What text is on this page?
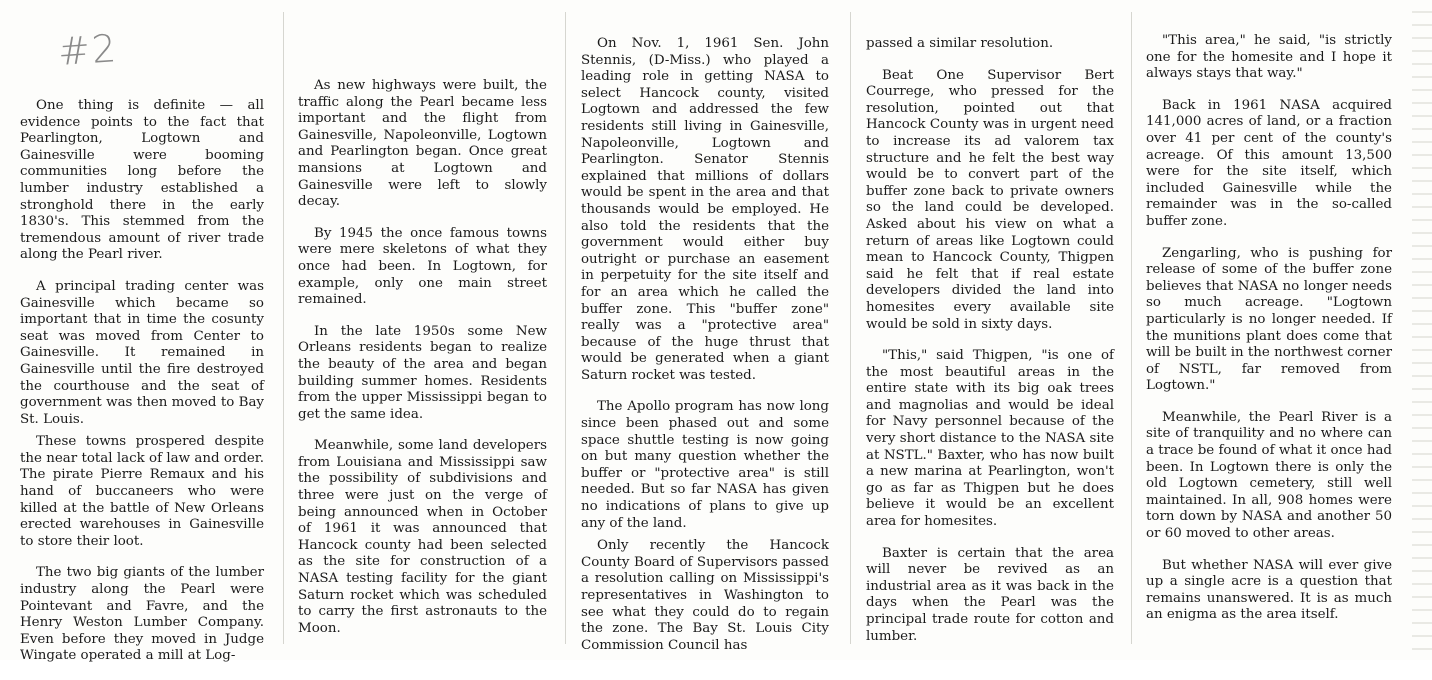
#2

One thing is definite — all evidence points to the fact that Pearlington, Logtown and Gainesville were booming communities long before the lumber industry established a stronghold there in the early 1830's. This stemmed from the tremendous amount of river trade along the Pearl river.

A principal trading center was Gainesville which became so important that in time the cosunty seat was moved from Center to Gainesville. It remained in Gainesville until the fire destroyed the courthouse and the seat of government was then moved to Bay St. Louis.

These towns prospered despite the near total lack of law and order. The pirate Pierre Remaux and his hand of buccaneers who were killed at the battle of New Orleans erected warehouses in Gainesville to store their loot.

The two big giants of the lumber industry along the Pearl were Pointevant and Favre, and the Henry Weston Lumber Company. Even before they moved in Judge Wingate operated a mill at Log-

As new highways were built, the traffic along the Pearl became less important and the flight from Gainesville, Napoleonville, Logtown and Pearlington began. Once great mansions at Logtown and Gainesville were left to slowly decay.

By 1945 the once famous towns were mere skeletons of what they once had been. In Logtown, for example, only one main street remained.

In the late 1950s some New Orleans residents began to realize the beauty of the area and began building summer homes. Residents from the upper Mississippi began to get the same idea.

Meanwhile, some land developers from Louisiana and Mississippi saw the possibility of subdivisions and three were just on the verge of being announced when in October of 1961 it was announced that Hancock county had been selected as the site for construction of a NASA testing facility for the giant Saturn rocket which was scheduled to carry the first astronauts to the Moon.

On Nov. 1, 1961 Sen. John Stennis, (D-Miss.) who played a leading role in getting NASA to select Hancock county, visited Logtown and addressed the few residents still living in Gainesville, Napoleonville, Logtown and Pearlington. Senator Stennis explained that millions of dollars would be spent in the area and that thousands would be employed. He also told the residents that the government would either buy outright or purchase an easement in perpetuity for the site itself and for an area which he called the buffer zone. This "buffer zone" really was a "protective area" because of the huge thrust that would be generated when a giant Saturn rocket was tested.

The Apollo program has now long since been phased out and some space shuttle testing is now going on but many question whether the buffer or "protective area" is still needed. But so far NASA has given no indications of plans to give up any of the land.

Only recently the Hancock County Board of Supervisors passed a resolution calling on Mississippi's representatives in Washington to see what they could do to regain the zone. The Bay St. Louis City Commission Council has

passed a similar resolution.

Beat One Supervisor Bert Courrege, who pressed for the resolution, pointed out that Hancock County was in urgent need to increase its ad valorem tax structure and he felt the best way would be to convert part of the buffer zone back to private owners so the land could be developed. Asked about his view on what a return of areas like Logtown could mean to Hancock County, Thigpen said he felt that if real estate developers divided the land into homesites every available site would be sold in sixty days.

"This," said Thigpen, "is one of the most beautiful areas in the entire state with its big oak trees and magnolias and would be ideal for Navy personnel because of the very short distance to the NASA site at NSTL." Baxter, who has now built a new marina at Pearlington, won't go as far as Thigpen but he does believe it would be an excellent area for homesites.

Baxter is certain that the area will never be revived as an industrial area as it was back in the days when the Pearl was the principal trade route for cotton and lumber.

"This area," he said, "is strictly one for the homesite and I hope it always stays that way."

Back in 1961 NASA acquired 141,000 acres of land, or a fraction over 41 per cent of the county's acreage. Of this amount 13,500 were for the site itself, which included Gainesville while the remainder was in the so-called buffer zone.

Zengarling, who is pushing for release of some of the buffer zone believes that NASA no longer needs so much acreage. "Logtown particularly is no longer needed. If the munitions plant does come that will be built in the northwest corner of NSTL, far removed from Logtown."

Meanwhile, the Pearl River is a site of tranquility and no where can a trace be found of what it once had been. In Logtown there is only the old Logtown cemetery, still well maintained. In all, 908 homes were torn down by NASA and another 50 or 60 moved to other areas.

But whether NASA will ever give up a single acre is a question that remains unanswered. It is as much an enigma as the area itself.
